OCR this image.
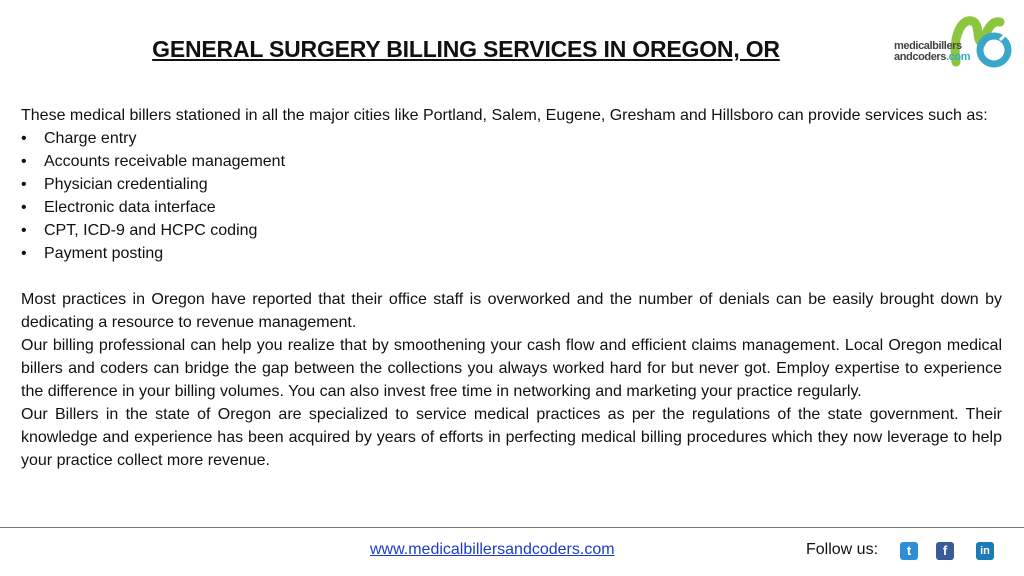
GENERAL SURGERY BILLING SERVICES IN OREGON, OR	medicalbillers
andcoders.com

These medical billers stationed in all the major cities like Portland, Salem, Eugene, Gresham and Hillsboro can provide services such as:

• Charge entry
• Accounts receivable management
• Physician credentialing
• Electronic data interface
• CPT, ICD-9 and HCPC coding
• Payment posting

Most practices in Oregon have reported that their office staff is overworked and the number of denials can be easily brought down by dedicating a resource to revenue management.

Our billing professional can help you realize that by smoothening your cash flow and efficient claims management. Local Oregon medical billers and coders can bridge the gap between the collections you always worked hard for but never got. Employ expertise to experience the difference in your billing volumes. You can also invest free time in networking and marketing your practice regularly.

Our Billers in the state of Oregon are specialized to service medical practices as per the regulations of the state government. Their knowledge and experience has been acquired by years of efforts in perfecting medical billing procedures which they now leverage to help your practice collect more revenue.

www.medicalbillersandcoders.com	Follow us:	t	f	in
